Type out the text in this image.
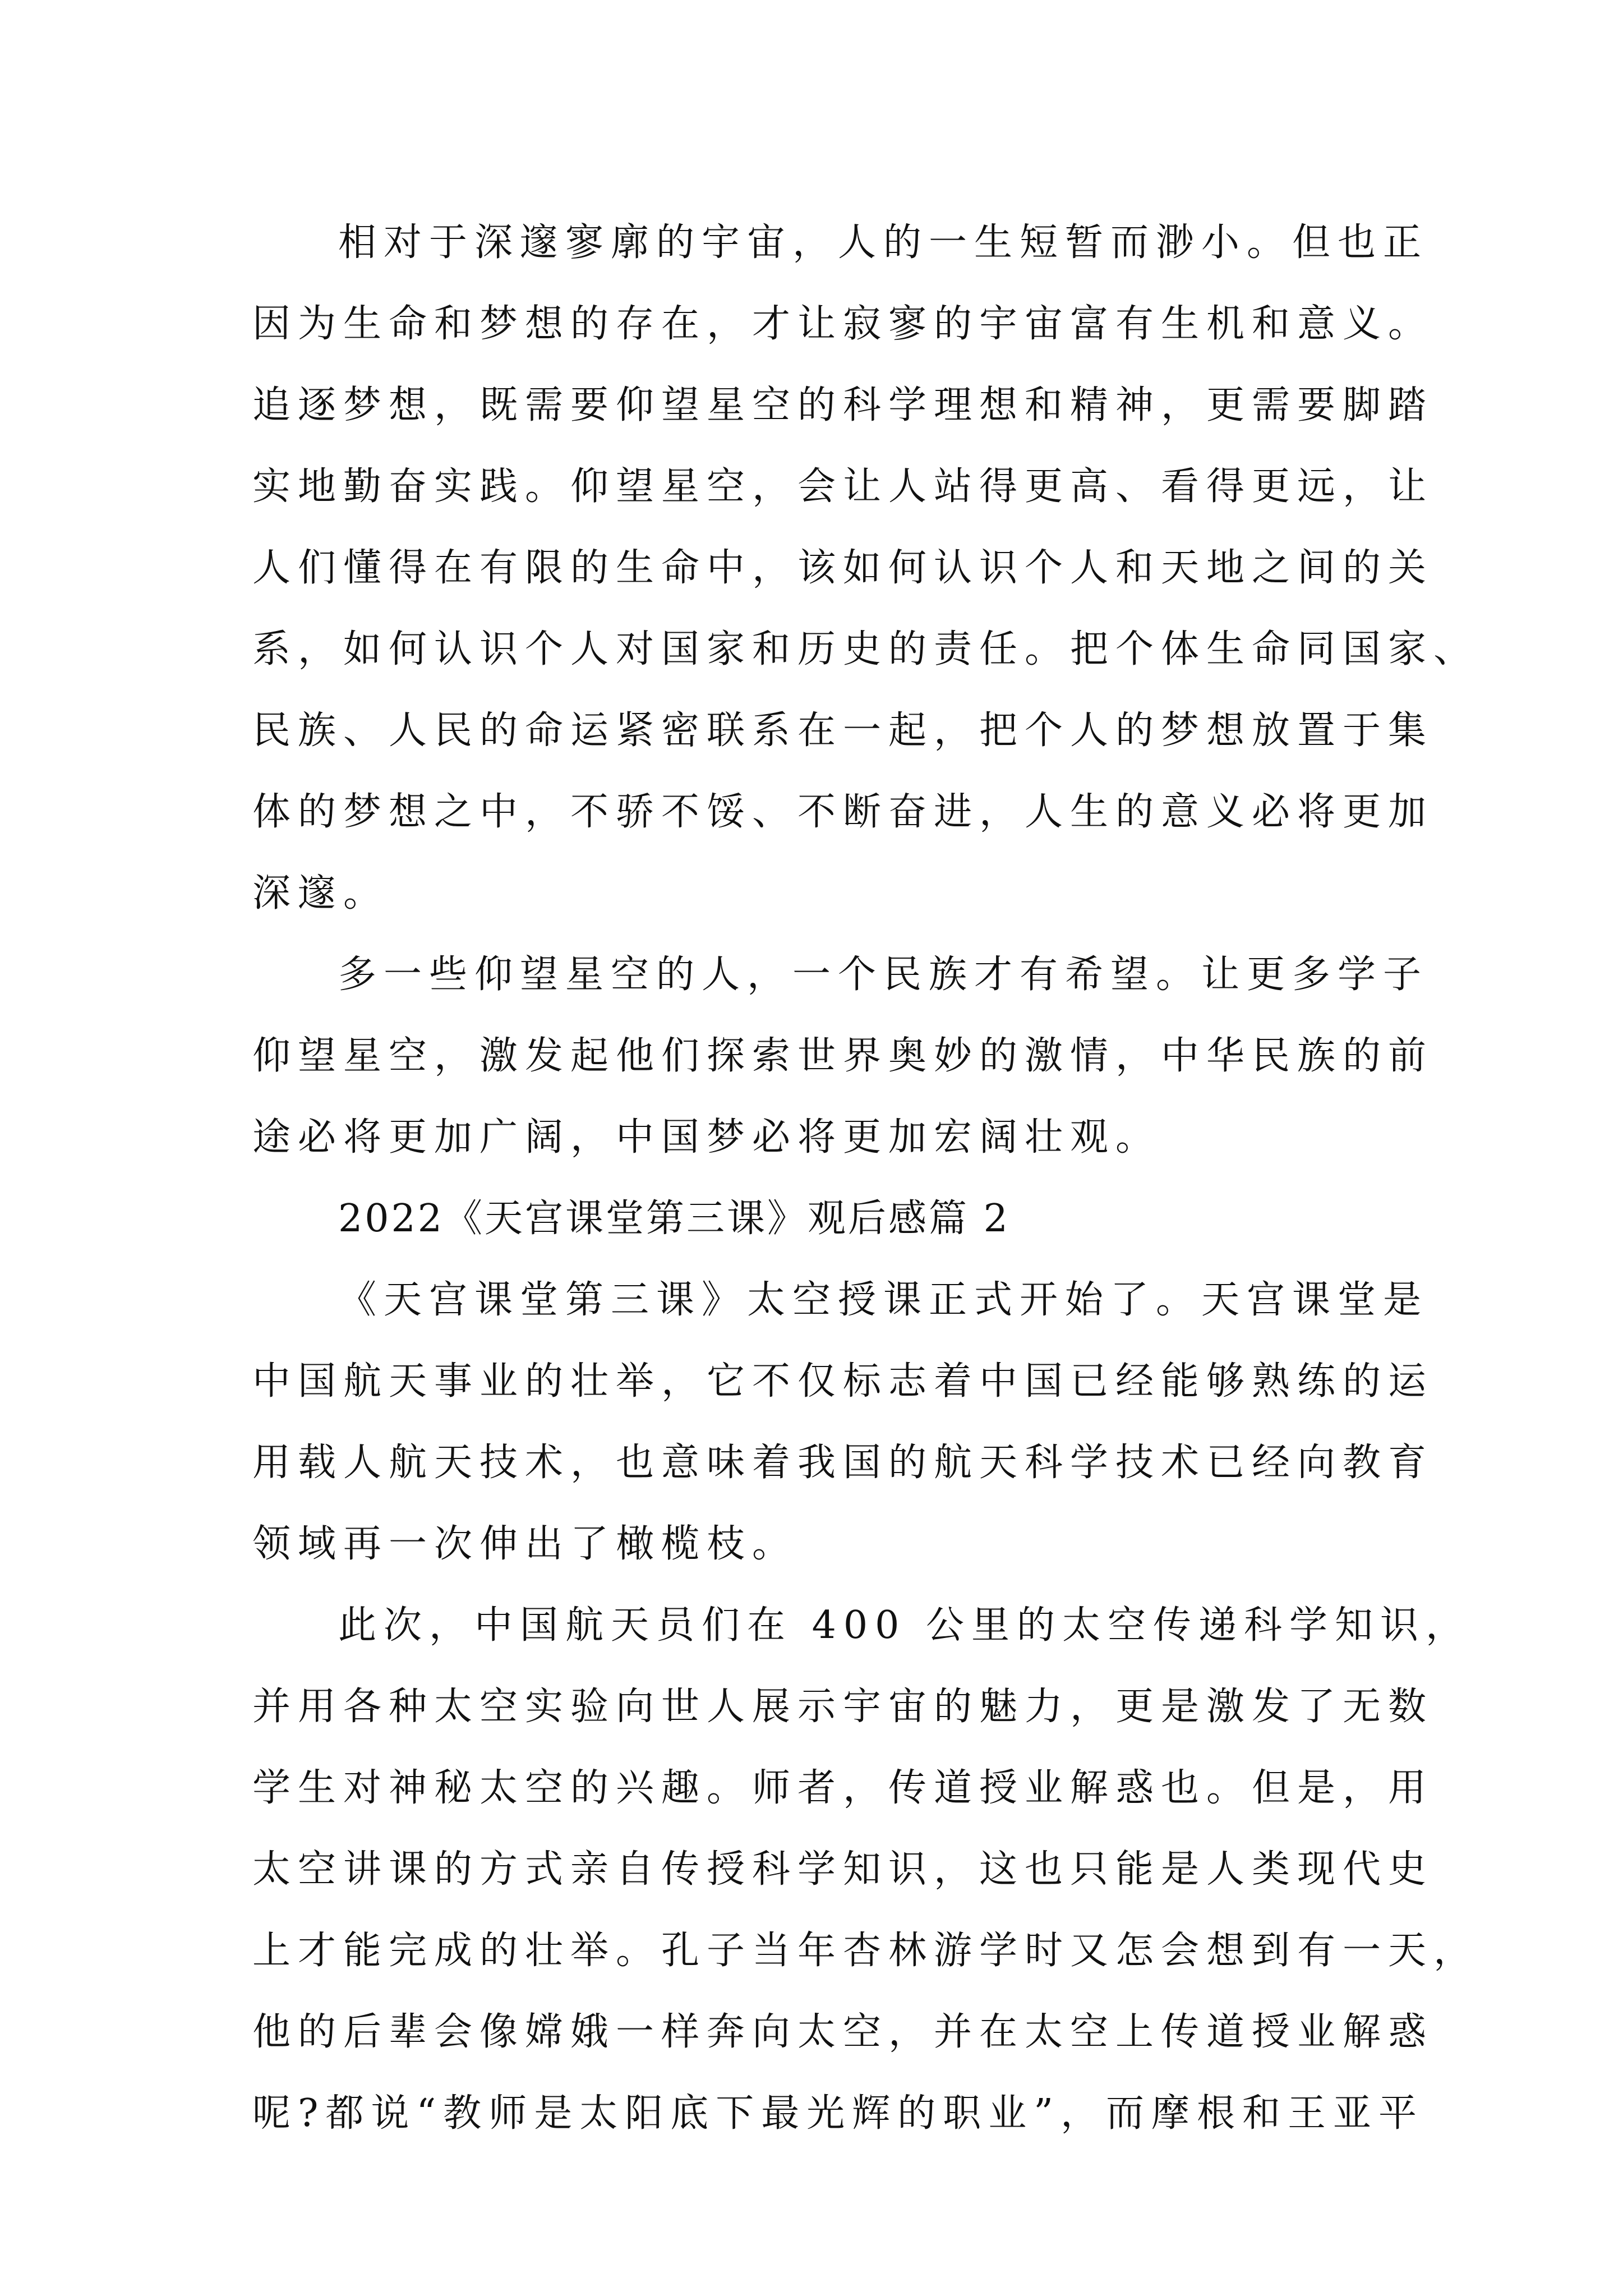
相对于深邃寥廓的宇宙，人的一生短暂而渺小。但也正
因为生命和梦想的存在，才让寂寥的宇宙富有生机和意义。
追逐梦想，既需要仰望星空的科学理想和精神，更需要脚踏
实地勤奋实践。仰望星空，会让人站得更高、看得更远，让
人们懂得在有限的生命中，该如何认识个人和天地之间的关
系，如何认识个人对国家和历史的责任。把个体生命同国家、
民族、人民的命运紧密联系在一起，把个人的梦想放置于集
体的梦想之中，不骄不馁、不断奋进，人生的意义必将更加
深邃。
多一些仰望星空的人，一个民族才有希望。让更多学子
仰望星空，激发起他们探索世界奥妙的激情，中华民族的前
途必将更加广阔，中国梦必将更加宏阔壮观。
2022《天宫课堂第三课》观后感篇 2
《天宫课堂第三课》太空授课正式开始了。天宫课堂是
中国航天事业的壮举，它不仅标志着中国已经能够熟练的运
用载人航天技术，也意味着我国的航天科学技术已经向教育
领域再一次伸出了橄榄枝。
此次，中国航天员们在 400 公里的太空传递科学知识，
并用各种太空实验向世人展示宇宙的魅力，更是激发了无数
学生对神秘太空的兴趣。师者，传道授业解惑也。但是，用
太空讲课的方式亲自传授科学知识，这也只能是人类现代史
上才能完成的壮举。孔子当年杏林游学时又怎会想到有一天，
他的后辈会像嫦娥一样奔向太空，并在太空上传道授业解惑
呢?都说“教师是太阳底下最光辉的职业”，而摩根和王亚平
